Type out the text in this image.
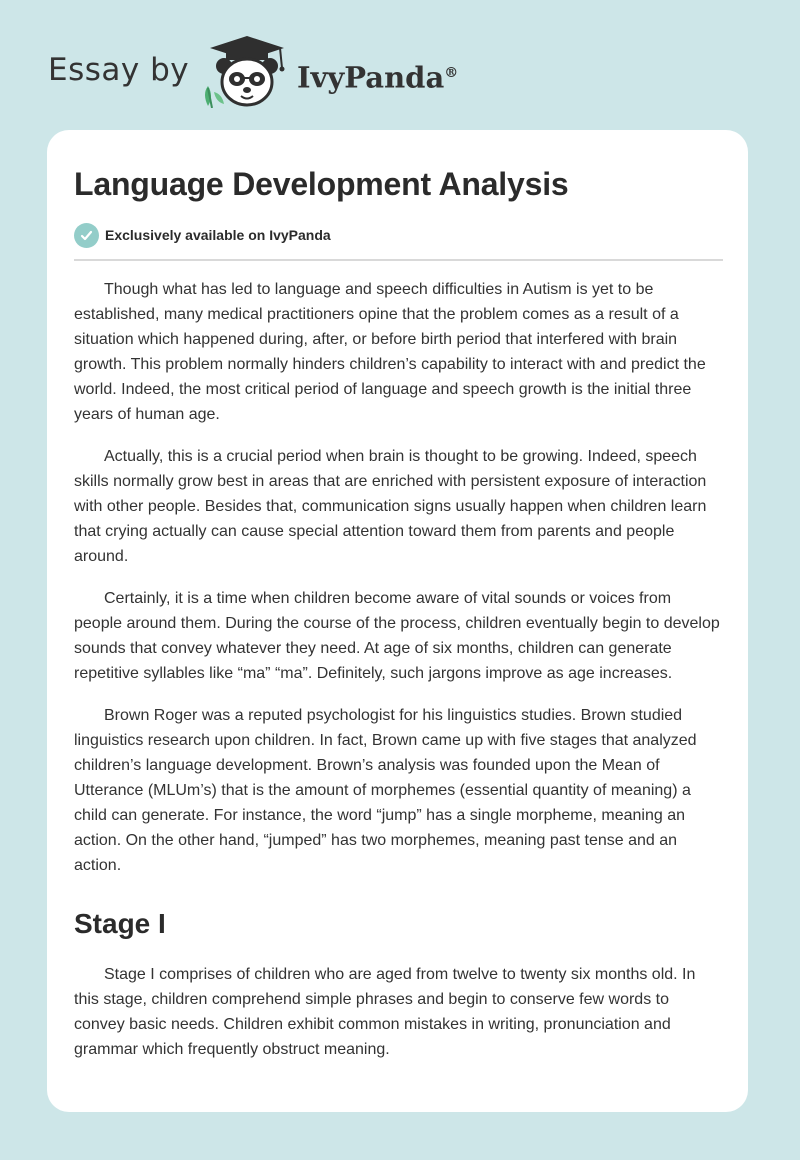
Essay by	IvyPanda®
Language Development Analysis
Exclusively available on IvyPanda

Though what has led to language and speech difficulties in Autism is yet to be established, many medical practitioners opine that the problem comes as a result of a situation which happened during, after, or before birth period that interfered with brain growth. This problem normally hinders children’s capability to interact with and predict the world. Indeed, the most critical period of language and speech growth is the initial three years of human age.

Actually, this is a crucial period when brain is thought to be growing. Indeed, speech skills normally grow best in areas that are enriched with persistent exposure of interaction with other people. Besides that, communication signs usually happen when children learn that crying actually can cause special attention toward them from parents and people around.

Certainly, it is a time when children become aware of vital sounds or voices from people around them. During the course of the process, children eventually begin to develop sounds that convey whatever they need. At age of six months, children can generate repetitive syllables like “ma” “ma”. Definitely, such jargons improve as age increases.

Brown Roger was a reputed psychologist for his linguistics studies. Brown studied linguistics research upon children. In fact, Brown came up with five stages that analyzed children’s language development. Brown’s analysis was founded upon the Mean of Utterance (MLUm’s) that is the amount of morphemes (essential quantity of meaning) a child can generate. For instance, the word “jump” has a single morpheme, meaning an action. On the other hand, “jumped” has two morphemes, meaning past tense and an action.

Stage I

Stage I comprises of children who are aged from twelve to twenty six months old. In this stage, children comprehend simple phrases and begin to conserve few words to convey basic needs. Children exhibit common mistakes in writing, pronunciation and grammar which frequently obstruct meaning.
